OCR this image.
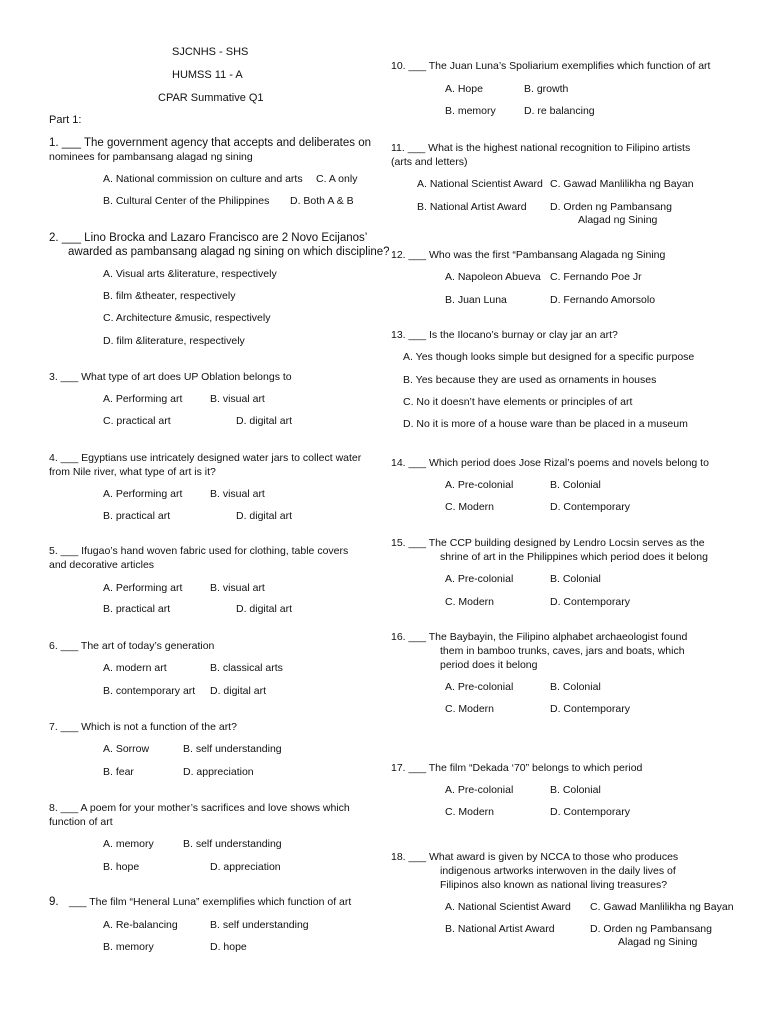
SJCNHS - SHS
HUMSS 11 - A
CPAR Summative Q1
Part 1:
1. ___ The government agency that accepts and deliberates on
nominees for pambansang alagad ng sining
A. National commission on culture and arts C. A only
B. Cultural Center of the Philippines D. Both A & B
2. ___ Lino Brocka and Lazaro Francisco are 2 Novo Ecijanos’
awarded as pambansang alagad ng sining on which discipline?
A. Visual arts &literature, respectively
B. film &theater, respectively
C. Architecture &music, respectively
D. film &literature, respectively
3. ___ What type of art does UP Oblation belongs to
A. Performing art	B. visual art
C. practical art	D. digital art
4. ___ Egyptians use intricately designed water jars to collect water
from Nile river, what type of art is it?
A. Performing art	B. visual art
B. practical art	D. digital art
5. ___ Ifugao’s hand woven fabric used for clothing, table covers
and decorative articles
A. Performing art	B. visual art
B. practical art	D. digital art
6. ___ The art of today’s generation
A. modern art	B. classical arts
B. contemporary art D. digital art
7. ___ Which is not a function of the art?
A. Sorrow	B. self understanding
B. fear	D. appreciation
8. ___ A poem for your mother’s sacrifices and love shows which
function of art
A. memory	B. self understanding
B. hope	D. appreciation
9. ___ The film “Heneral Luna” exemplifies which function of art
A. Re-balancing	B. self understanding
B. memory	D. hope
10. ___ The Juan Luna’s Spoliarium exemplifies which function of art
A. Hope	B. growth
B. memory	D. re balancing
11. ___ What is the highest national recognition to Filipino artists
(arts and letters)
A. National Scientist Award C. Gawad Manlilikha ng Bayan
B. National Artist Award D. Orden ng Pambansang
Alagad ng Sining
12. ___ Who was the first “Pambansang Alagada ng Sining
A. Napoleon Abueva C. Fernando Poe Jr
B. Juan Luna	D. Fernando Amorsolo
13. ___ Is the Ilocano’s burnay or clay jar an art?
A. Yes though looks simple but designed for a specific purpose
B. Yes because they are used as ornaments in houses
C. No it doesn’t have elements or principles of art
D. No it is more of a house ware than be placed in a museum
14. ___ Which period does Jose Rizal’s poems and novels belong to
A. Pre-colonial	B. Colonial
C. Modern	D. Contemporary
15. ___ The CCP building designed by Lendro Locsin serves as the
shrine of art in the Philippines which period does it belong
A. Pre-colonial	B. Colonial
C. Modern	D. Contemporary
16. ___ The Baybayin, the Filipino alphabet archaeologist found
them in bamboo trunks, caves, jars and boats, which
period does it belong
A. Pre-colonial	B. Colonial
C. Modern	D. Contemporary
17. ___ The film “Dekada ‘70” belongs to which period
A. Pre-colonial	B. Colonial
C. Modern	D. Contemporary
18. ___ What award is given by NCCA to those who produces
indigenous artworks interwoven in the daily lives of
Filipinos also known as national living treasures?
A. National Scientist Award C. Gawad Manlilikha ng Bayan
B. National Artist Award	D. Orden ng Pambansang
Alagad ng Sining
